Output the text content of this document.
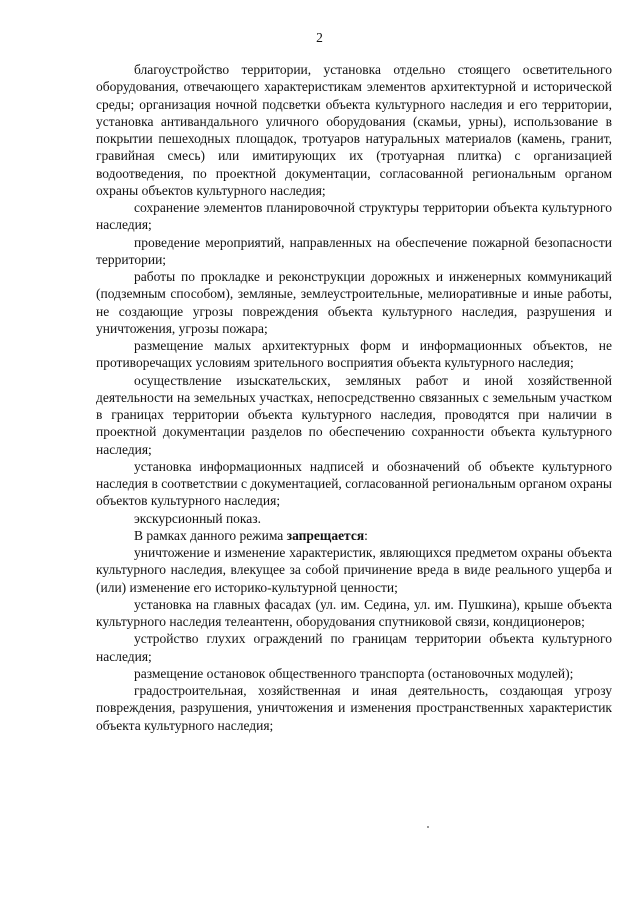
2

благоустройство территории, установка отдельно стоящего осветительного оборудования, отвечающего характеристикам элементов архитектурной и исторической среды; организация ночной подсветки объекта культурного наследия и его территории, установка антивандального уличного оборудования (скамьи, урны), использование в покрытии пешеходных площадок, тротуаров натуральных материалов (камень, гранит, гравийная смесь) или имитирующих их (тротуарная плитка) с организацией водоотведения, по проектной документации, согласованной региональным органом охраны объектов культурного наследия;

сохранение элементов планировочной структуры территории объекта культурного наследия;

проведение мероприятий, направленных на обеспечение пожарной безопасности территории;

работы по прокладке и реконструкции дорожных и инженерных коммуникаций (подземным способом), земляные, землеустроительные, мелиоративные и иные работы, не создающие угрозы повреждения объекта культурного наследия, разрушения и уничтожения, угрозы пожара;

размещение малых архитектурных форм и информационных объектов, не противоречащих условиям зрительного восприятия объекта культурного наследия;

осуществление изыскательских, земляных работ и иной хозяйственной деятельности на земельных участках, непосредственно связанных с земельным участком в границах территории объекта культурного наследия, проводятся при наличии в проектной документации разделов по обеспечению сохранности объекта культурного наследия;

установка информационных надписей и обозначений об объекте культурного наследия в соответствии с документацией, согласованной региональным органом охраны объектов культурного наследия;

экскурсионный показ.

В рамках данного режима запрещается:

уничтожение и изменение характеристик, являющихся предметом охраны объекта культурного наследия, влекущее за собой причинение вреда в виде реального ущерба и (или) изменение его историко-культурной ценности;

установка на главных фасадах (ул. им. Седина, ул. им. Пушкина), крыше объекта культурного наследия телеантенн, оборудования спутниковой связи, кондиционеров;

устройство глухих ограждений по границам территории объекта культурного наследия;

размещение остановок общественного транспорта (остановочных модулей);

градостроительная, хозяйственная и иная деятельность, создающая угрозу повреждения, разрушения, уничтожения и изменения пространственных характеристик объекта культурного наследия;
